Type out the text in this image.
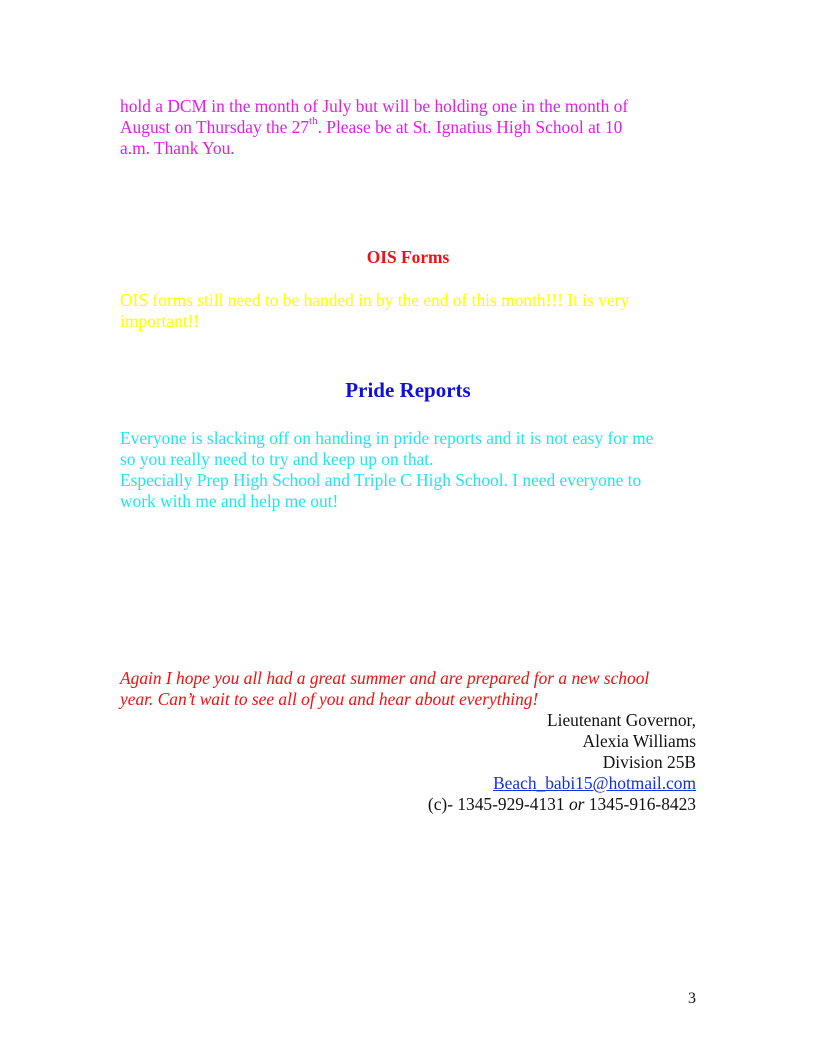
hold a DCM in the month of July but will be holding one in the month of
August on Thursday the 27th. Please be at St. Ignatius High School at 10
a.m. Thank You.

OIS Forms

OIS forms still need to be handed in by the end of this month!!! It is very
important!!

Pride Reports

Everyone is slacking off on handing in pride reports and it is not easy for me
so you really need to try and keep up on that.
Especially Prep High School and Triple C High School. I need everyone to
work with me and help me out!

Again I hope you all had a great summer and are prepared for a new school
year. Can’t wait to see all of you and hear about everything!

Lieutenant Governor,
Alexia Williams
Division 25B
Beach_babi15@hotmail.com
(c)- 1345-929-4131 or 1345-916-8423
3
